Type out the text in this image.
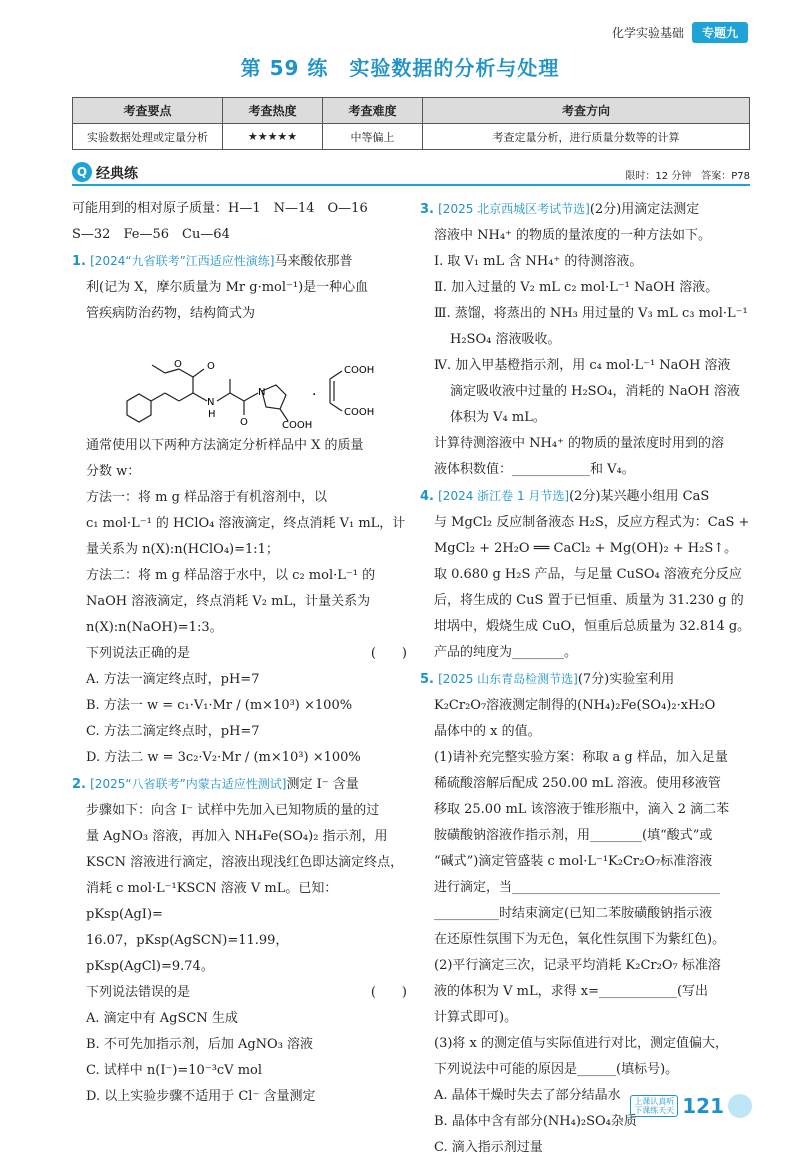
化学实验基础	专题九
第 59 练　实验数据的分析与处理
考查要点	考查热度	考查难度	考查方向
实验数据处理或定量分析	★★★★★	中等偏上	考查定量分析，进行质量分数等的计算
Q 经典练	限时：12 分钟　答案：P78

可能用到的相对原子质量：H—1　N—14　O—16

S—32　Fe—56　Cu—64

1. [2024“九省联考”江西适应性演练]马来酸依那普

利(记为 X，摩尔质量为 Mr g·mol⁻¹)是一种心血

管疾病防治药物，结构简式为

O	O
N
H
O
N
COOH
·
COOH
COOH

通常使用以下两种方法滴定分析样品中 X 的质量

分数 w：

方法一：将 m g 样品溶于有机溶剂中，以

c₁ mol·L⁻¹ 的 HClO₄ 溶液滴定，终点消耗 V₁ mL，计

量关系为 n(X):n(HClO₄)=1:1；

方法二：将 m g 样品溶于水中，以 c₂ mol·L⁻¹ 的

NaOH 溶液滴定，终点消耗 V₂ mL，计量关系为

n(X):n(NaOH)=1:3。

下列说法正确的是	(　　)

A. 方法一滴定终点时，pH=7

B. 方法一 w = c₁·V₁·Mr / (m×10³) ×100%

C. 方法二滴定终点时，pH=7

D. 方法二 w = 3c₂·V₂·Mr / (m×10³) ×100%

2. [2025“八省联考”内蒙古适应性测试]测定 I⁻ 含量

步骤如下：向含 I⁻ 试样中先加入已知物质的量的过

量 AgNO₃ 溶液，再加入 NH₄Fe(SO₄)₂ 指示剂，用

KSCN 溶液进行滴定，溶液出现浅红色即达滴定终点，

消耗 c mol·L⁻¹KSCN 溶液 V mL。已知：pKsp(AgI)=

16.07，pKsp(AgSCN)=11.99，pKsp(AgCl)=9.74。

下列说法错误的是	(　　)

A. 滴定中有 AgSCN 生成

B. 不可先加指示剂，后加 AgNO₃ 溶液

C. 试样中 n(I⁻)=10⁻³cV mol

D. 以上实验步骤不适用于 Cl⁻ 含量测定

3. [2025 北京西城区考试节选](2分)用滴定法测定

溶液中 NH₄⁺ 的物质的量浓度的一种方法如下。

Ⅰ. 取 V₁ mL 含 NH₄⁺ 的待测溶液。

Ⅱ. 加入过量的 V₂ mL c₂ mol·L⁻¹ NaOH 溶液。

Ⅲ. 蒸馏，将蒸出的 NH₃ 用过量的 V₃ mL c₃ mol·L⁻¹

H₂SO₄ 溶液吸收。

Ⅳ. 加入甲基橙指示剂，用 c₄ mol·L⁻¹ NaOH 溶液

滴定吸收液中过量的 H₂SO₄，消耗的 NaOH 溶液

体积为 V₄ mL。

计算待测溶液中 NH₄⁺ 的物质的量浓度时用到的溶

液体积数值：____________和 V₄。

4. [2024 浙江卷 1 月节选](2分)某兴趣小组用 CaS

与 MgCl₂ 反应制备液态 H₂S，反应方程式为：CaS +

MgCl₂ + 2H₂O ══ CaCl₂ + Mg(OH)₂ + H₂S↑。

取 0.680 g H₂S 产品，与足量 CuSO₄ 溶液充分反应

后，将生成的 CuS 置于已恒重、质量为 31.230 g 的

坩埚中，煅烧生成 CuO，恒重后总质量为 32.814 g。

产品的纯度为________。

5. [2025 山东青岛检测节选](7分)实验室利用

K₂Cr₂O₇溶液测定制得的(NH₄)₂Fe(SO₄)₂·xH₂O

晶体中的 x 的值。

(1)请补充完整实验方案：称取 a g 样品，加入足量

稀硫酸溶解后配成 250.00 mL 溶液。使用移液管

移取 25.00 mL 该溶液于锥形瓶中，滴入 2 滴二苯

胺磺酸钠溶液作指示剂，用________(填“酸式”或

“碱式”)滴定管盛装 c mol·L⁻¹K₂Cr₂O₇标准溶液

进行滴定，当________________________________

__________时结束滴定(已知二苯胺磺酸钠指示液

在还原性氛围下为无色，氧化性氛围下为紫红色)。

(2)平行滴定三次，记录平均消耗 K₂Cr₂O₇ 标准溶

液的体积为 V mL，求得 x=____________(写出

计算式即可)。

(3)将 x 的测定值与实际值进行对比，测定值偏大，

下列说法中可能的原因是______(填标号)。

A. 晶体干燥时失去了部分结晶水

B. 晶体中含有部分(NH₄)₂SO₄杂质

C. 滴入指示剂过量

上课认真听
下课练天天 121
